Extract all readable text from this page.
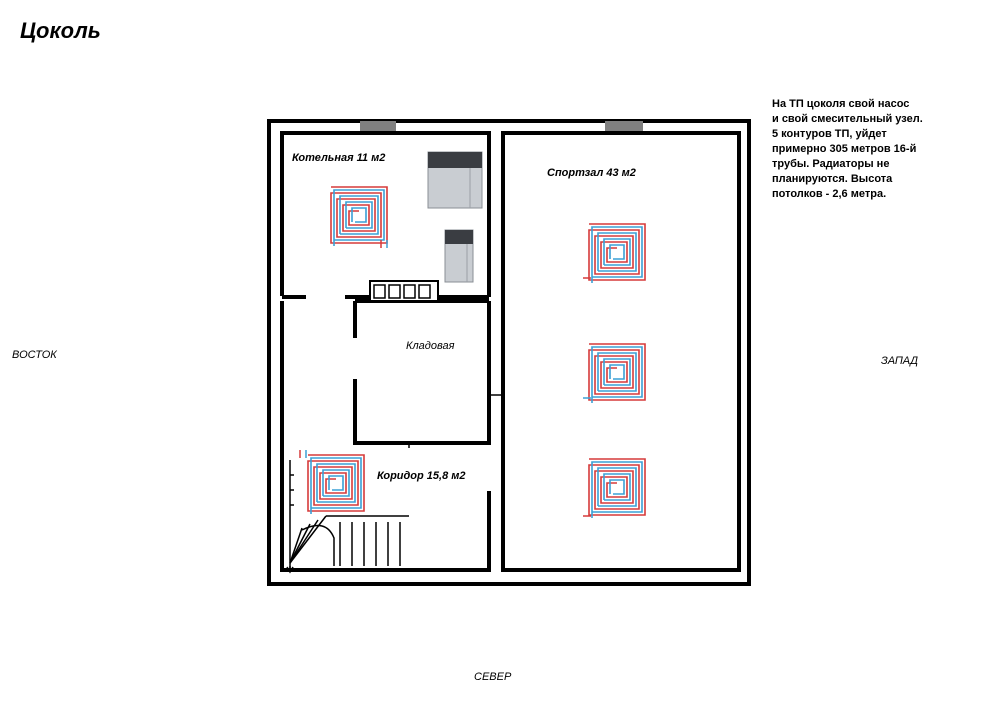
Цоколь
ВОСТОК	ЗАПАД
СЕВЕР
На ТП цоколя свой насос
и свой смесительный узел.
5 контуров ТП, уйдет
примерно 305 метров 16-й
трубы. Радиаторы не
планируются. Высота
потолков - 2,6 метра.
Котельная 11 м2
Спортзал 43 м2
Кладовая
Коридор 15,8 м2
